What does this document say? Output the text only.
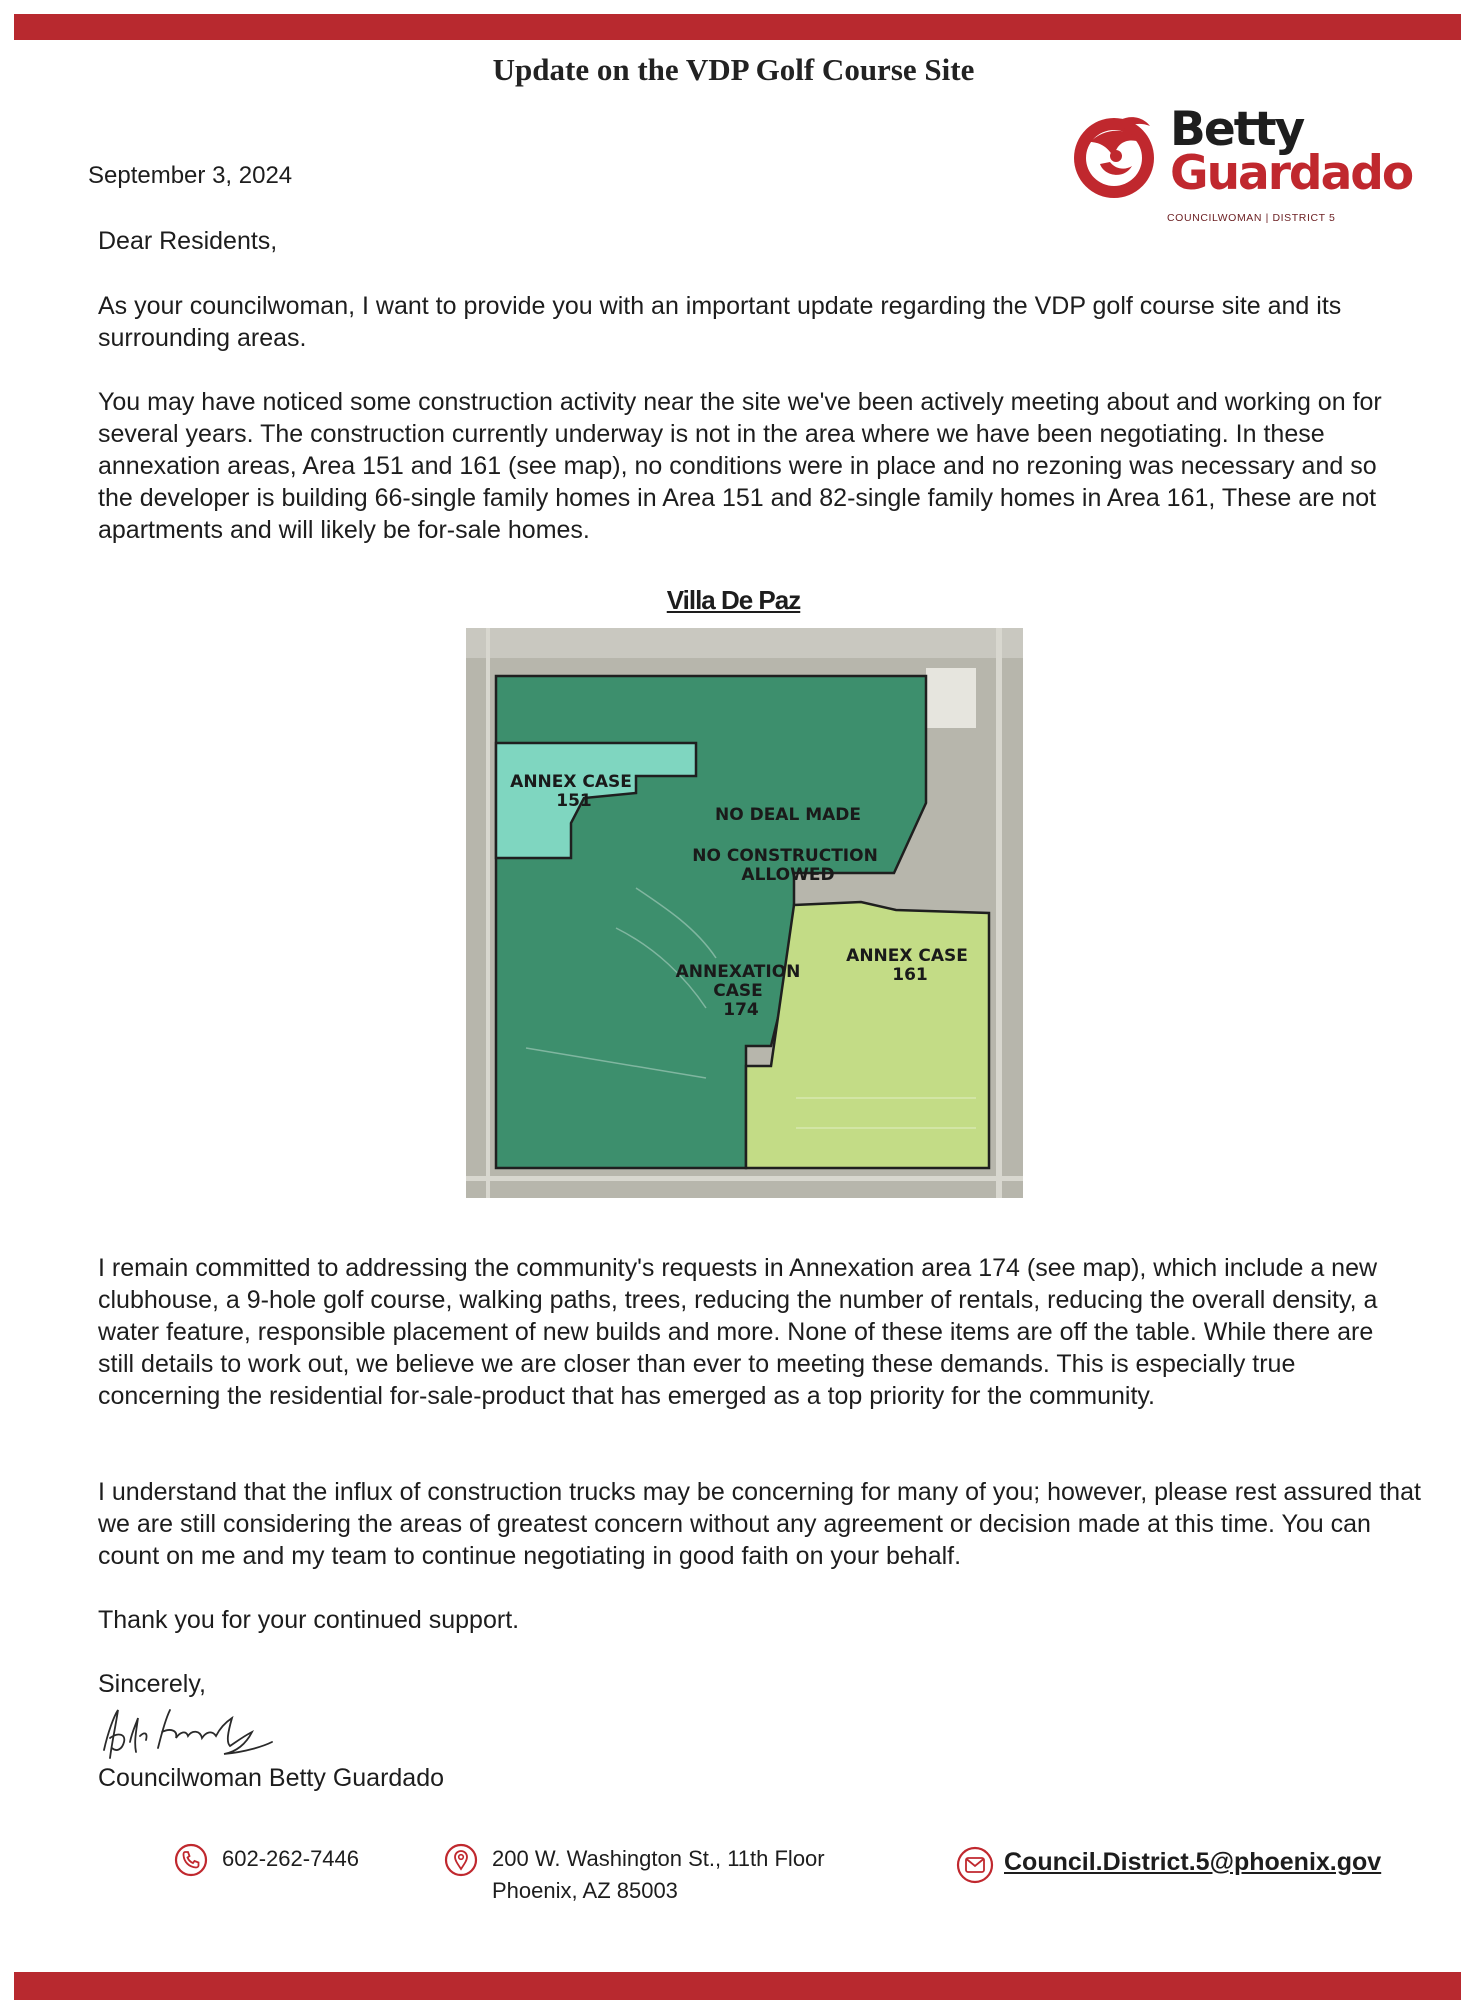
Update on the VDP Golf Course Site
September 3, 2024
Betty
Guardado
COUNCILWOMAN | DISTRICT 5

Dear Residents,

As your councilwoman, I want to provide you with an important update regarding the VDP golf course site and its surrounding areas.

You may have noticed some construction activity near the site we've been actively meeting about and working on for several years. The construction currently underway is not in the area where we have been negotiating. In these annexation areas, Area 151 and 161 (see map), no conditions were in place and no rezoning was necessary and so the developer is building 66-single family homes in Area 151 and 82-single family homes in Area 161, These are not apartments and will likely be for-sale homes.

Villa De Paz
ANNEX CASE 151
NO DEAL MADE
NO CONSTRUCTION ALLOWED
ANNEXATION CASE 174
ANNEX CASE 161

I remain committed to addressing the community's requests in Annexation area 174 (see map), which include a new clubhouse, a 9-hole golf course, walking paths, trees, reducing the number of rentals, reducing the overall density, a water feature, responsible placement of new builds and more. None of these items are off the table. While there are still details to work out, we believe we are closer than ever to meeting these demands. This is especially true concerning the residential for-sale-product that has emerged as a top priority for the community.

I understand that the influx of construction trucks may be concerning for many of you; however, please rest assured that we are still considering the areas of greatest concern without any agreement or decision made at this time. You can count on me and my team to continue negotiating in good faith on your behalf.

Thank you for your continued support.

Sincerely,

Councilwoman Betty Guardado
602-262-7446	200 W. Washington St., 11th Floor
Phoenix, AZ 85003
Council.District.5@phoenix.gov
